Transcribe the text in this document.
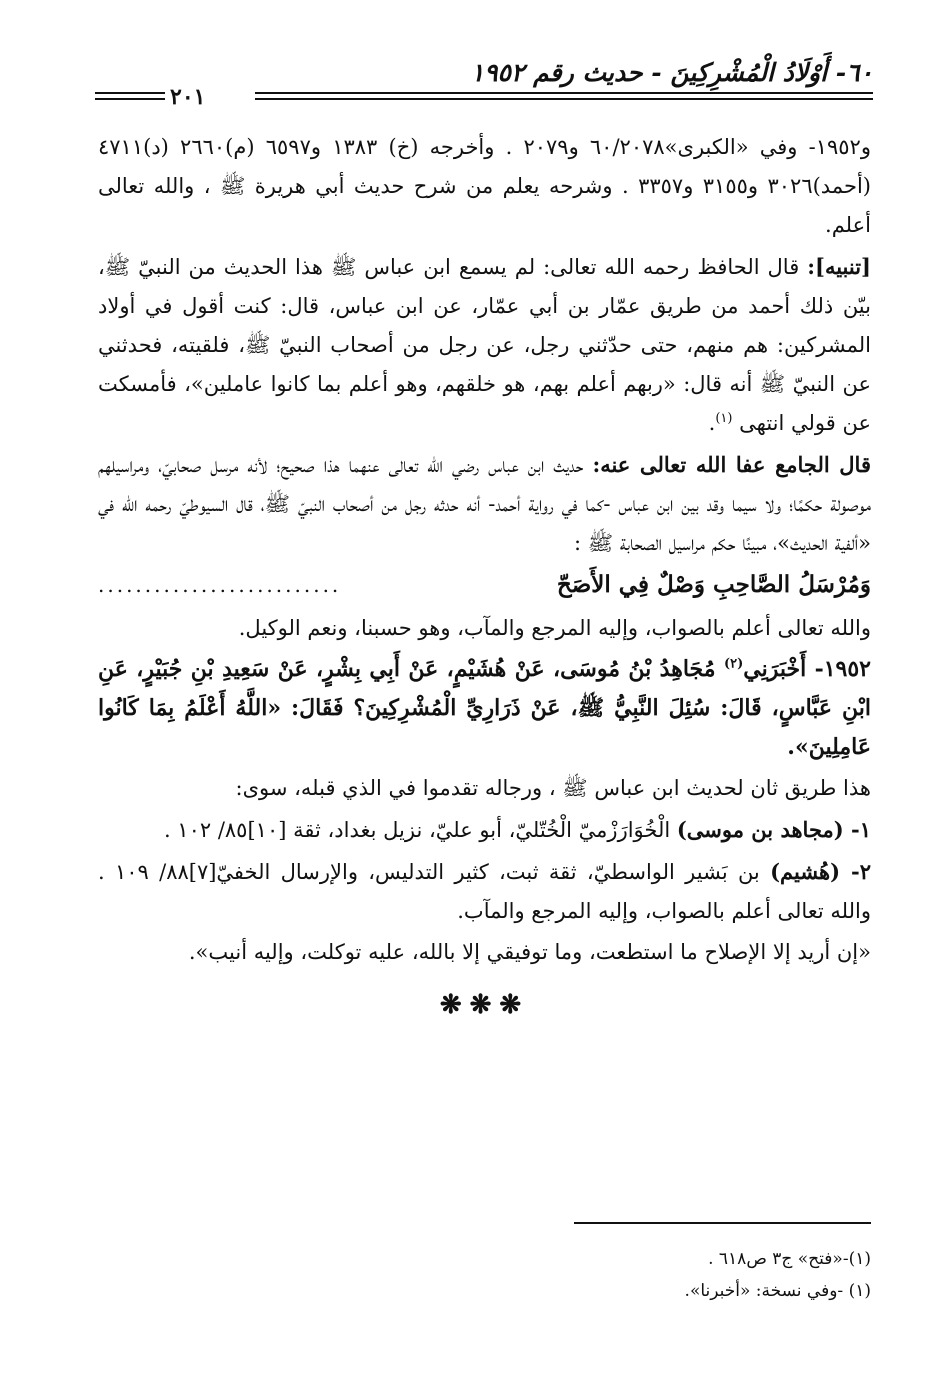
٦٠- أَوْلَادُ الْمُشْرِكِينَ - حديث رقم ١٩٥٢
٢٠١

و١٩٥٢- وفي «الكبرى»٦٠/٢٠٧٨ و٢٠٧٩ . وأخرجه (خ) ١٣٨٣ و٦٥٩٧ (م)٢٦٦٠ (د)٤٧١١ (أحمد)٣٠٢٦ و٣١٥٥ و٣٣٥٧ . وشرحه يعلم من شرح حديث أبي هريرة ﷺ ، والله تعالى أعلم.

[تنبيه]: قال الحافظ رحمه الله تعالى: لم يسمع ابن عباس ﷺ هذا الحديث من النبيّ ﷺ، بيّن ذلك أحمد من طريق عمّار بن أبي عمّار، عن ابن عباس، قال: كنت أقول في أولاد المشركين: هم منهم، حتى حدّثني رجل، عن رجل من أصحاب النبيّ ﷺ، فلقيته، فحدثني عن النبيّ ﷺ أنه قال: «ربهم أعلم بهم، هو خلقهم، وهو أعلم بما كانوا عاملين»، فأمسكت عن قولي انتهى $^{(١)}$.

قال الجامع عفا الله تعالى عنه: حديث ابن عباس رضي الله تعالى عنهما هذا صحيح؛ لأنه مرسل صحابيّ، ومراسيلهم موصولة حكمًا؛ ولا سيما وقد بين ابن عباس -كما في رواية أحمد- أنه حدثه رجل من أصحاب النبيّ ﷺ، قال السيوطيّ رحمه الله في «ألفية الحديث»، مبينًا حكم مراسيل الصحابة ﷺ :

وَمُرْسَلُ الصَّاحِبِ وَصْلٌ فِي الأَصَحّ
..........................

والله تعالى أعلم بالصواب، وإليه المرجع والمآب، وهو حسبنا، ونعم الوكيل.

١٩٥٢- أَخْبَرَنِي$^{(٢)}$ مُجَاهِدُ بْنُ مُوسَى، عَنْ هُشَيْمٍ، عَنْ أَبِي بِشْرٍ، عَنْ سَعِيدِ بْنِ جُبَيْرٍ، عَنِ ابْنِ عَبَّاسٍ، قَالَ: سُئِلَ النَّبِيُّ ﷺ، عَنْ ذَرَارِيِّ الْمُشْرِكِينَ؟ فَقَالَ: «اللَّهُ أَعْلَمُ بِمَا كَانُوا عَامِلِينَ».

هذا طريق ثان لحديث ابن عباس ﷺ ، ورجاله تقدموا في الذي قبله، سوى:

١- (مجاهد بن موسى) الْخُوَارَزْميّ الْخُتّليّ، أبو عليّ، نزيل بغداد، ثقة [١٠]٨٥/ ١٠٢ .

٢- (هُشيم) بن بَشير الواسطيّ، ثقة ثبت، كثير التدليس، والإرسال الخفيّ[٧]٨٨/ ١٠٩ . والله تعالى أعلم بالصواب، وإليه المرجع والمآب.

«إن أريد إلا الإصلاح ما استطعت، وما توفيقي إلا بالله، عليه توكلت، وإليه أنيب».

❋❋❋
(١)-«فتح» ج٣ ص٦١٨ .
(١) -وفي نسخة: «أخبرنا».
